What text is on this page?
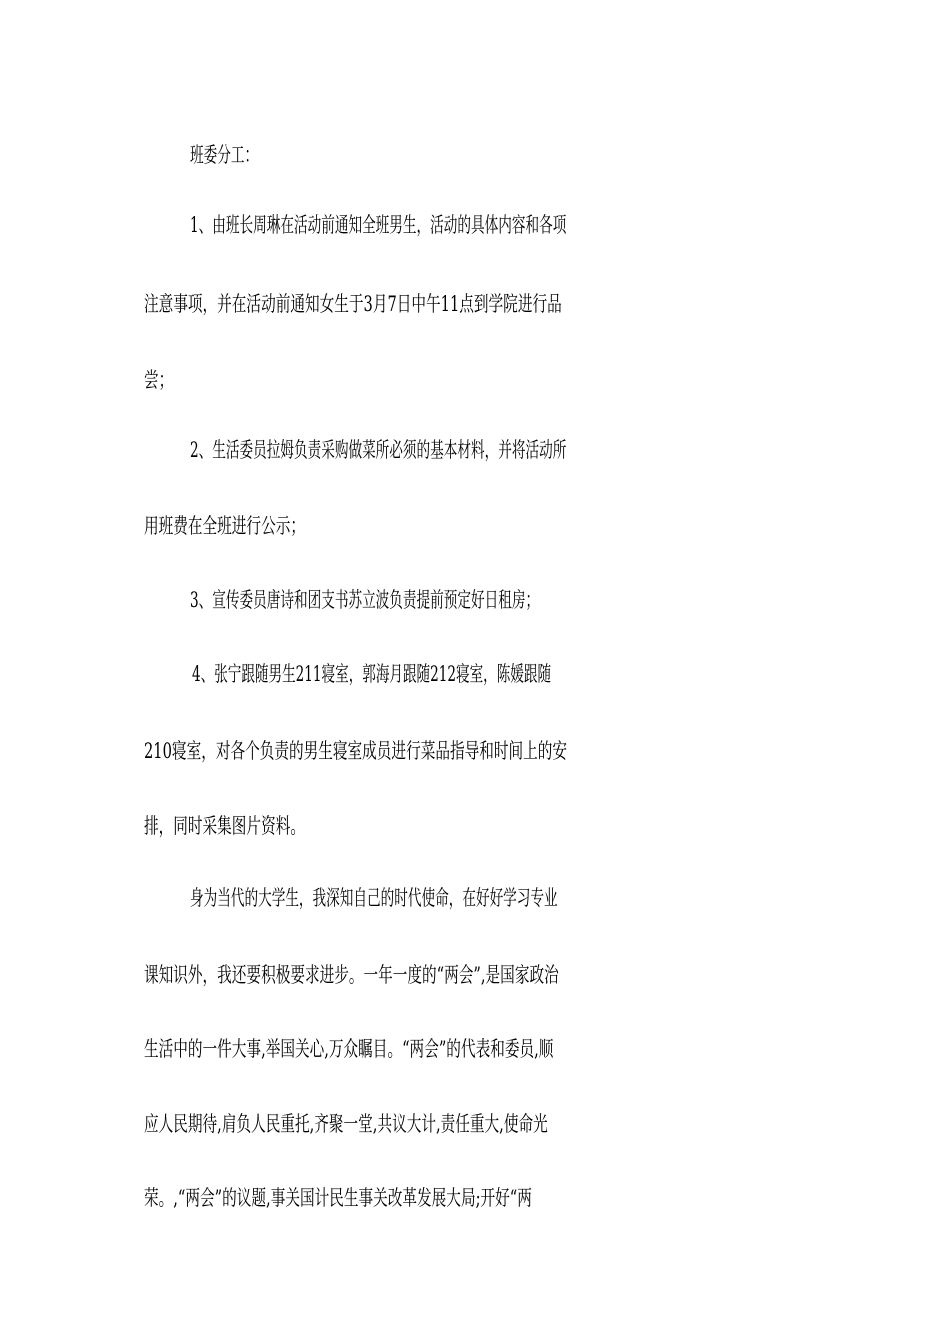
班委分工：
1、由班长周琳在活动前通知全班男生，活动的具体内容和各项
注意事项，并在活动前通知女生于3月7日中午11点到学院进行品
尝；
2、生活委员拉姆负责采购做菜所必须的基本材料，并将活动所
用班费在全班进行公示；
3、宣传委员唐诗和团支书苏立波负责提前预定好日租房；
4、张宁跟随男生211寝室，郭海月跟随212寝室，陈媛跟随
210寝室，对各个负责的男生寝室成员进行菜品指导和时间上的安
排，同时采集图片资料。
身为当代的大学生，我深知自己的时代使命，在好好学习专业
课知识外，我还要积极要求进步。一年一度的“两会”,是国家政治
生活中的一件大事,举国关心,万众瞩目。“两会”的代表和委员,顺
应人民期待,肩负人民重托,齐聚一堂,共议大计,责任重大,使命光
荣。,“两会”的议题,事关国计民生事关改革发展大局;开好“两
